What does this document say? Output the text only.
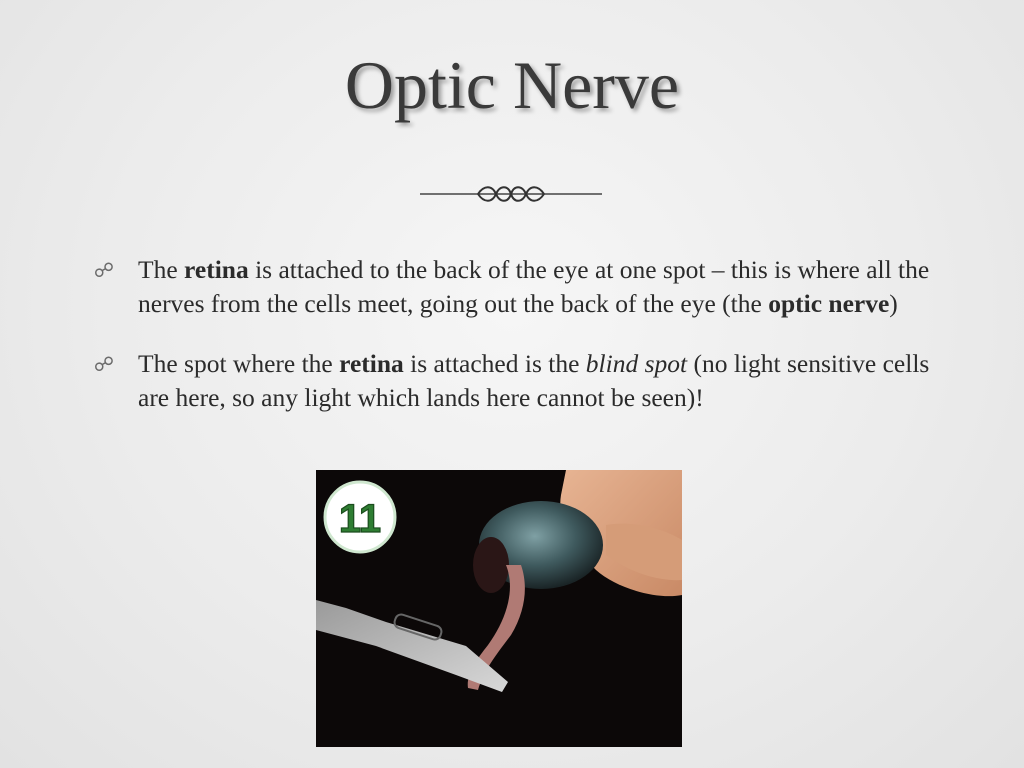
Optic Nerve
☍ The retina is attached to the back of the eye at one spot – this is where all the nerves from the cells meet, going out the back of the eye (the optic nerve)
☍ The spot where the retina is attached is the blind spot (no light sensitive cells are here, so any light which lands here cannot be seen)!
11
